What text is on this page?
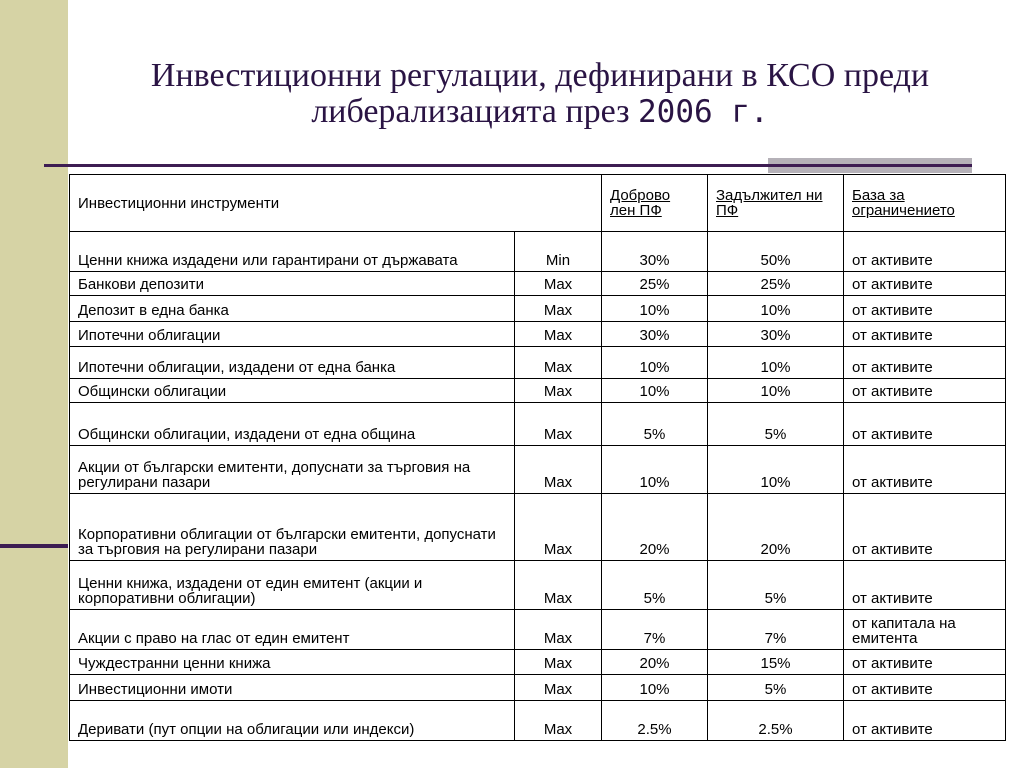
Инвестиционни регулации, дефинирани в КСО преди
либерализацията през 2006 г.
Инвестиционни инструменти		Доброво лен ПФ	Задължител ни ПФ	База за ограничението
Ценни книжа издадени или гарантирани от държавата	Min	30%	50%	от активите
Банкови депозити	Max	25%	25%	от активите
Депозит в една банка	Max	10%	10%	от активите
Ипотечни облигации	Max	30%	30%	от активите
Ипотечни облигации, издадени от една банка	Max	10%	10%	от активите
Общински облигации	Max	10%	10%	от активите
Общински облигации, издадени от една община	Max	5%	5%	от активите
Акции от български емитенти, допуснати за търговия на регулирани пазари	Max	10%	10%	от активите
Корпоративни облигации от български емитенти, допуснати за търговия на регулирани пазари	Max	20%	20%	от активите
Ценни книжа, издадени от един емитент (акции и корпоративни облигации)	Max	5%	5%	от активите
Акции с право на глас от един емитент	Max	7%	7%	от капитала на емитента
Чуждестранни ценни книжа	Max	20%	15%	от активите
Инвестиционни имоти	Max	10%	5%	от активите
Деривати (пут опции на облигации или индекси)	Max	2.5%	2.5%	от активите
